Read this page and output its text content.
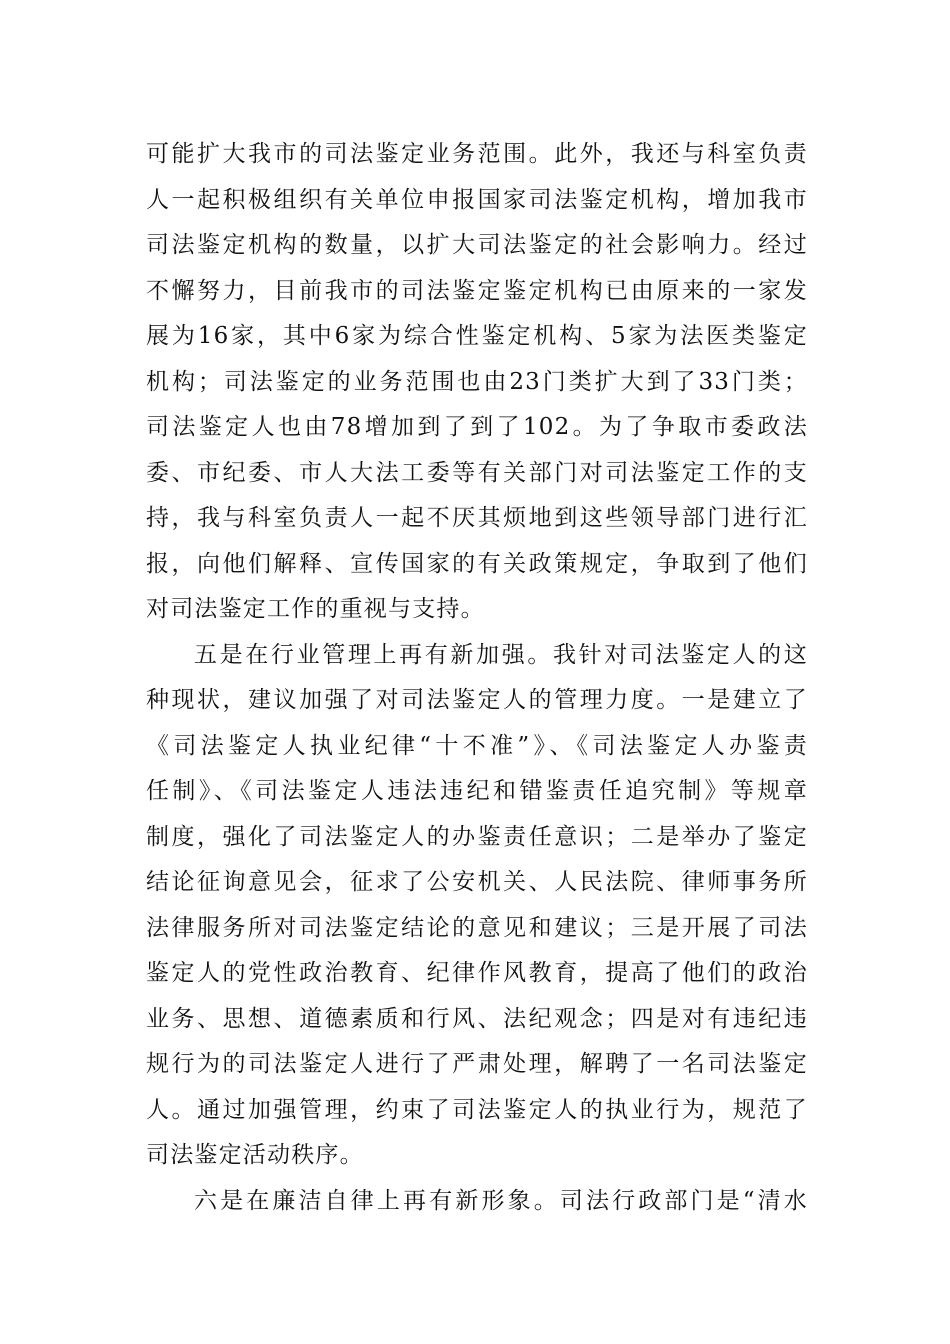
可能扩大我市的司法鉴定业务范围。此外，我还与科室负责
人一起积极组织有关单位申报国家司法鉴定机构，增加我市
司法鉴定机构的数量，以扩大司法鉴定的社会影响力。经过
不懈努力，目前我市的司法鉴定鉴定机构已由原来的一家发
展为16家，其中6家为综合性鉴定机构、5家为法医类鉴定
机构；司法鉴定的业务范围也由23门类扩大到了33门类；
司法鉴定人也由78增加到了到了102。为了争取市委政法
委、市纪委、市人大法工委等有关部门对司法鉴定工作的支
持，我与科室负责人一起不厌其烦地到这些领导部门进行汇
报，向他们解释、宣传国家的有关政策规定，争取到了他们
对司法鉴定工作的重视与支持。
五是在行业管理上再有新加强。我针对司法鉴定人的这
种现状，建议加强了对司法鉴定人的管理力度。一是建立了
《司法鉴定人执业纪律“十不准”》、《司法鉴定人办鉴责
任制》、《司法鉴定人违法违纪和错鉴责任追究制》等规章
制度，强化了司法鉴定人的办鉴责任意识；二是举办了鉴定
结论征询意见会，征求了公安机关、人民法院、律师事务所
法律服务所对司法鉴定结论的意见和建议；三是开展了司法
鉴定人的党性政治教育、纪律作风教育，提高了他们的政治
业务、思想、道德素质和行风、法纪观念；四是对有违纪违
规行为的司法鉴定人进行了严肃处理，解聘了一名司法鉴定
人。通过加强管理，约束了司法鉴定人的执业行为，规范了
司法鉴定活动秩序。
六是在廉洁自律上再有新形象。司法行政部门是“清水
